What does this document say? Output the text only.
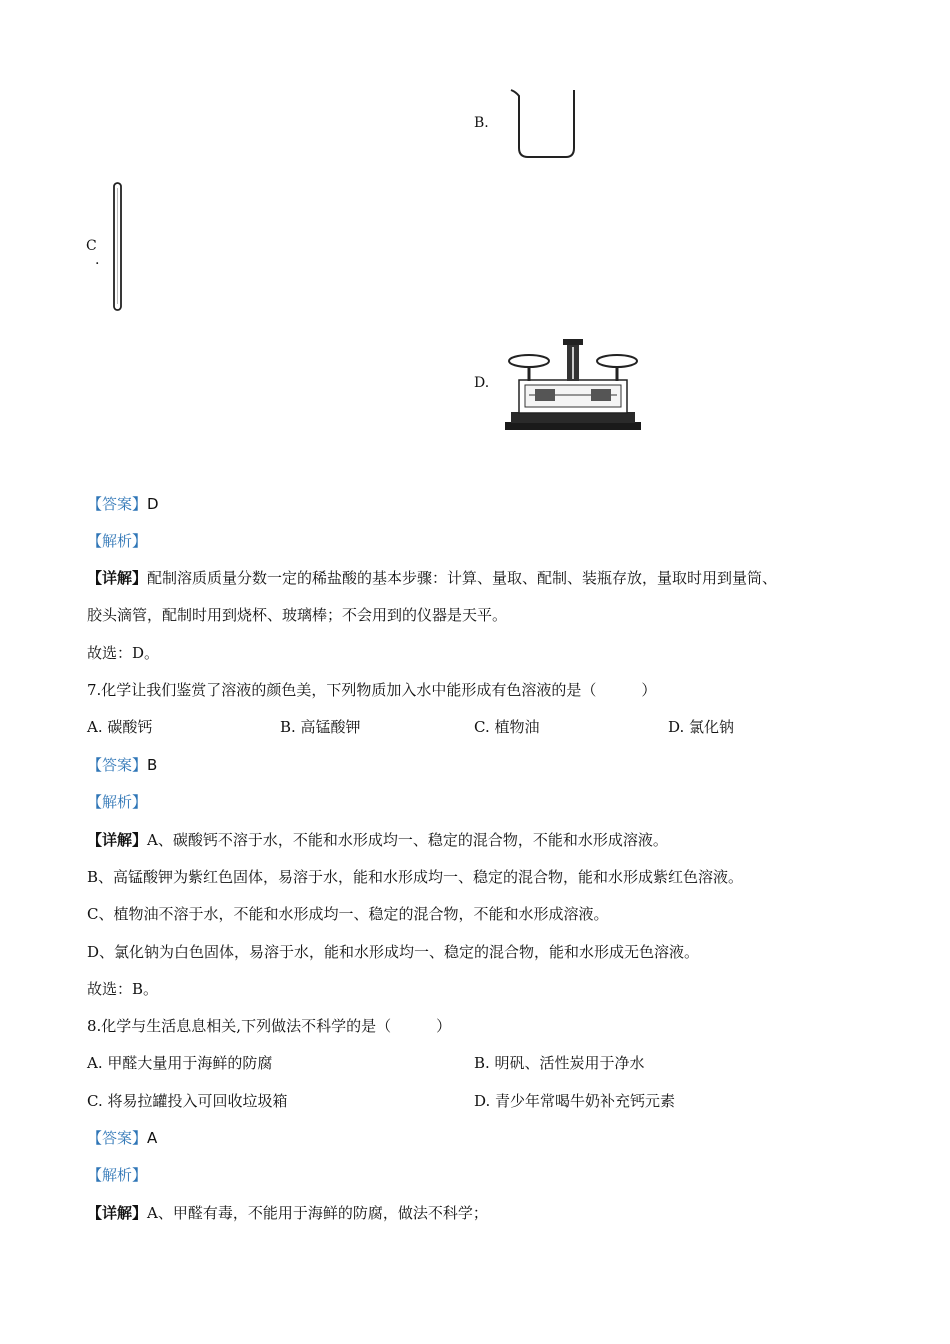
B.
C
.
D.
【答案】D
【解析】
【详解】配制溶质质量分数一定的稀盐酸的基本步骤：计算、量取、配制、装瓶存放，量取时用到量筒、
胶头滴管，配制时用到烧杯、玻璃棒；不会用到的仪器是天平。
故选：D。
7.化学让我们鉴赏了溶液的颜色美，下列物质加入水中能形成有色溶液的是（　　　）
A. 碳酸钙	B. 高锰酸钾	C. 植物油	D. 氯化钠
【答案】B
【解析】
【详解】A、碳酸钙不溶于水，不能和水形成均一、稳定的混合物，不能和水形成溶液。
B、高锰酸钾为紫红色固体，易溶于水，能和水形成均一、稳定的混合物，能和水形成紫红色溶液。
C、植物油不溶于水，不能和水形成均一、稳定的混合物，不能和水形成溶液。
D、氯化钠为白色固体，易溶于水，能和水形成均一、稳定的混合物，能和水形成无色溶液。
故选：B。
8.化学与生活息息相关,下列做法不科学的是（　　　）
A. 甲醛大量用于海鲜的防腐	B. 明矾、活性炭用于净水
C. 将易拉罐投入可回收垃圾箱	D. 青少年常喝牛奶补充钙元素
【答案】A
【解析】
【详解】A、甲醛有毒，不能用于海鲜的防腐，做法不科学；
